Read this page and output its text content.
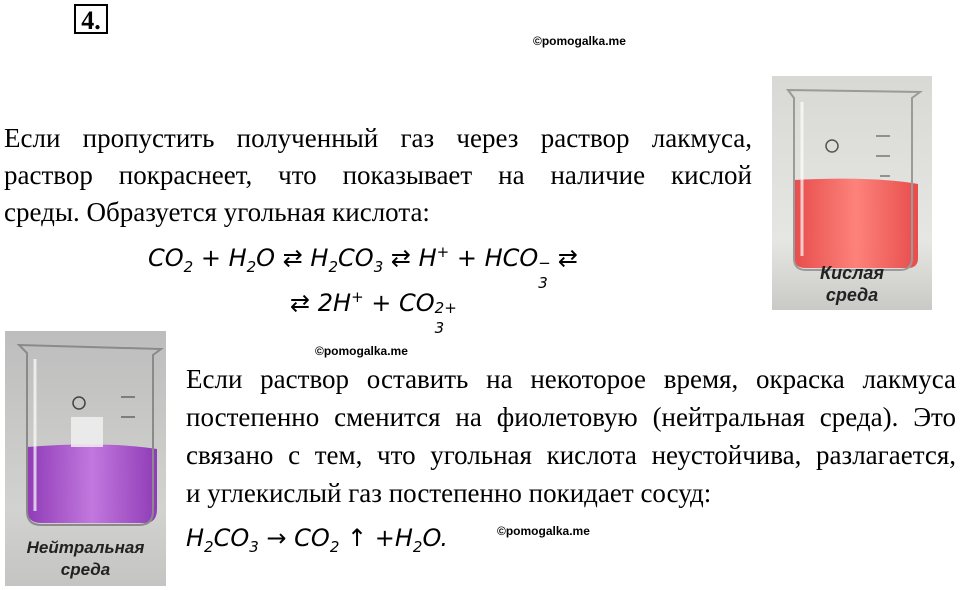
4.
©pomogalka.me
©pomogalka.me
©pomogalka.me
Если пропустить полученный газ через раствор лакмуса,
раствор покраснеет, что показывает на наличие кислой
среды. Образуется угольная кислота:
$CO_2 + H_2O$ ⇄ $H_2CO_3$ ⇄ H+ + HCO −
3
⇄
⇄ 2H+ + CO 2+
3
Если раствор оставить на некоторое время, окраска лакмуса
постепенно сменится на фиолетовую (нейтральная среда). Это
связано с тем, что угольная кислота неустойчива, разлагается,
и углекислый газ постепенно покидает сосуд:
$H_2CO_3 \to CO_2$ ↑ $+H_2O$.
Кислая
среда
Нейтральная
среда
